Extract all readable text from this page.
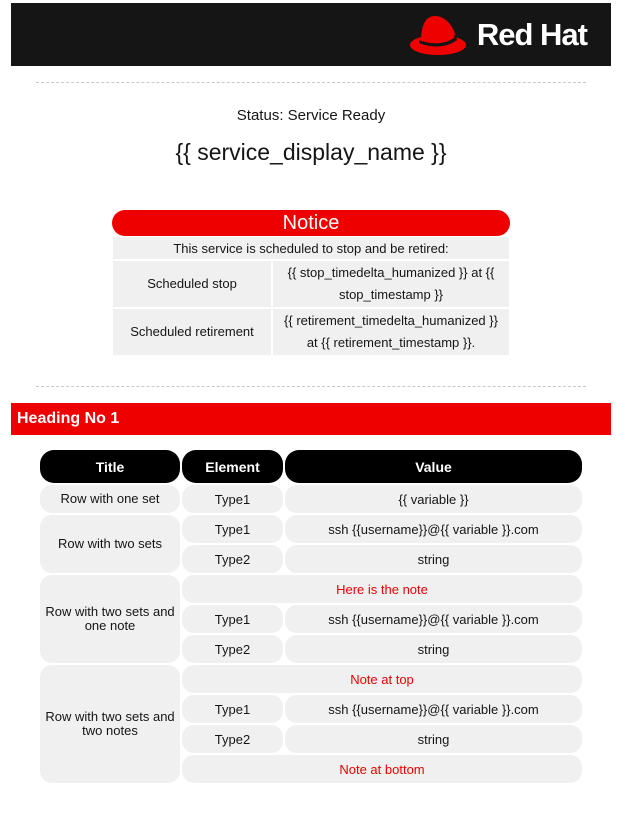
Red Hat
Status: Service Ready
{{ service_display_name }}
Notice
This service is scheduled to stop and be retired:	
Scheduled stop	{{ stop_timedelta_humanized }} at {{ stop_timestamp }}
Scheduled retirement	{{ retirement_timedelta_humanized }} at {{ retirement_timestamp }}.
Heading No 1
Title	Element	Value
Row with one set	Type1	{{ variable }}
Row with two sets	Type1	ssh {{username}}@{{ variable }}.com
	Type2	string
Row with two sets and one note	Here is the note	
	Type1	ssh {{username}}@{{ variable }}.com
	Type2	string
Row with two sets and two notes	Note at top	
	Type1	ssh {{username}}@{{ variable }}.com
	Type2	string
	Note at bottom	
